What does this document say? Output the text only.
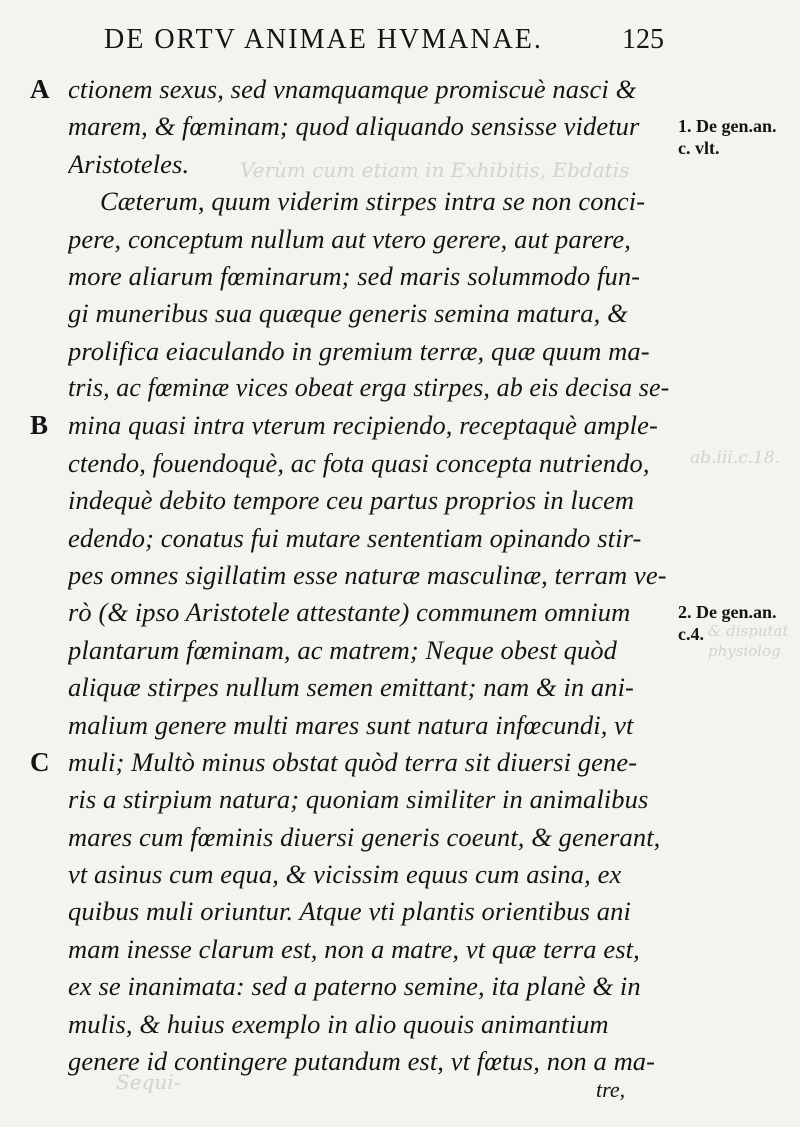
Verùm cum etiam in Exhibitis, Ebdatis
ab.iii.c.18.
& disputat
physiolog
Sequi-
DE ORTV ANIMAE HVMANAE.	125
A
B
C
ctionem sexus, sed vnamquamque promiscuè nasci &
marem, & fœminam; quod aliquando sensisse videtur
Aristoteles.
Cæterum, quum viderim stirpes intra se non conci-
pere, conceptum nullum aut vtero gerere, aut parere,
more aliarum fœminarum; sed maris solummodo fun-
gi muneribus sua quæque generis semina matura, &
prolifica eiaculando in gremium terræ, quæ quum ma-
tris, ac fœminæ vices obeat erga stirpes, ab eis decisa se-
mina quasi intra vterum recipiendo, receptaquè ample-
ctendo, fouendoquè, ac fota quasi concepta nutriendo,
indequè debito tempore ceu partus proprios in lucem
edendo; conatus fui mutare sententiam opinando stir-
pes omnes sigillatim esse naturæ masculinæ, terram ve-
rò (& ipso Aristotele attestante) communem omnium
plantarum fœminam, ac matrem; Neque obest quòd
aliquæ stirpes nullum semen emittant; nam & in ani-
malium genere multi mares sunt natura infœcundi, vt
muli; Multò minus obstat quòd terra sit diuersi gene-
ris a stirpium natura; quoniam similiter in animalibus
mares cum fœminis diuersi generis coeunt, & generant,
vt asinus cum equa, & vicissim equus cum asina, ex
quibus muli oriuntur. Atque vti plantis orientibus ani
mam inesse clarum est, non a matre, vt quæ terra est,
ex se inanimata: sed a paterno semine, ita planè & in
mulis, & huius exemplo in alio quouis animantium
genere id contingere putandum est, vt fœtus, non a ma-
1. De gen.an.
c. vlt.
2. De gen.an.
c.4.
tre,
